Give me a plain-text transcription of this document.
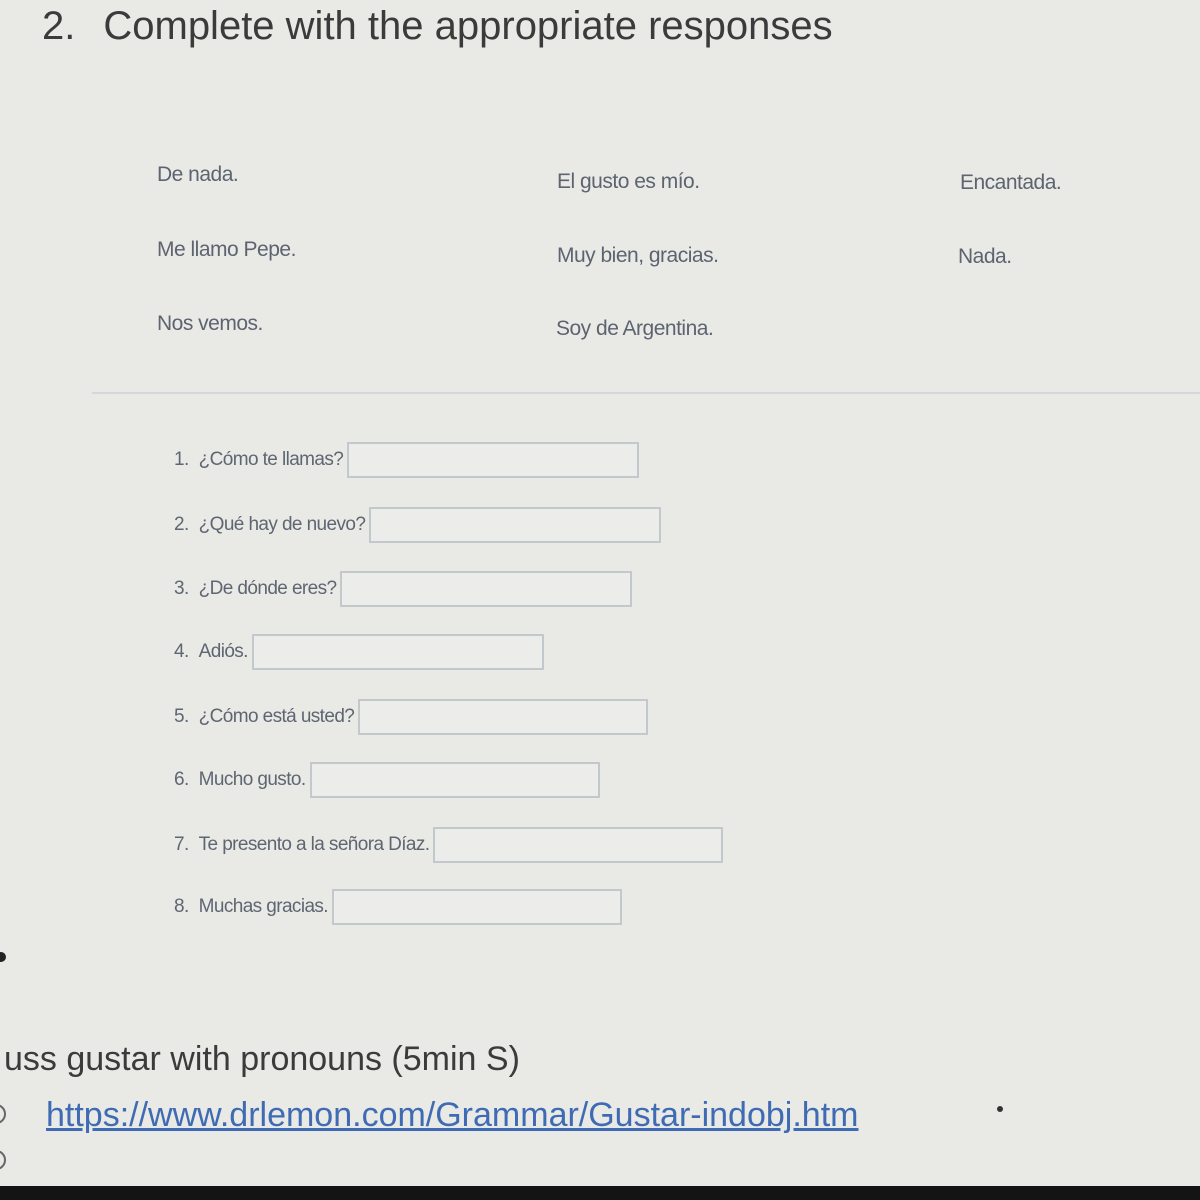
2. Complete with the appropriate responses
De nada.	El gusto es mío.	Encantada.
Me llamo Pepe.	Muy bien, gracias.	Nada.
Nos vemos.	Soy de Argentina.
1. ¿Cómo te llamas?
2. ¿Qué hay de nuevo?
3. ¿De dónde eres?
4. Adiós.
5. ¿Cómo está usted?
6. Mucho gusto.
7. Te presento a la señora Díaz.
8. Muchas gracias.
uss gustar with pronouns (5min S)
https://www.drlemon.com/Grammar/Gustar-indobj.htm
